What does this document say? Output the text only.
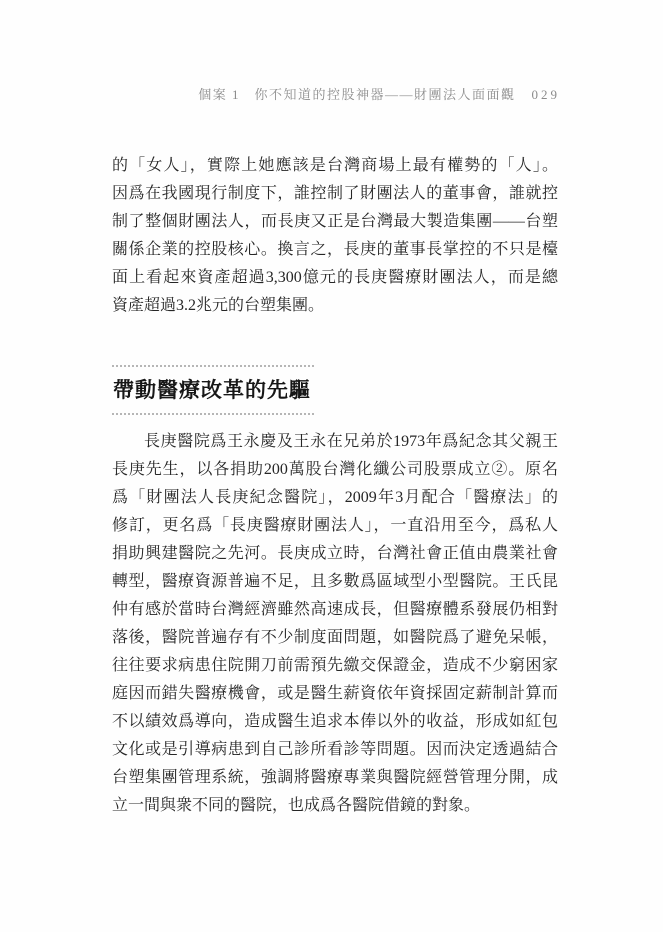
個案 1　你不知道的控股神器——財團法人面面觀 029
的「女人」，實際上她應該是台灣商場上最有權勢的「人」。
因爲在我國現行制度下，誰控制了財團法人的董事會，誰就控
制了整個財團法人，而長庚又正是台灣最大製造集團——台塑
關係企業的控股核心。換言之，長庚的董事長掌控的不只是檯
面上看起來資產超過3,300億元的長庚醫療財團法人，而是總
資產超過3.2兆元的台塑集團。
帶動醫療改革的先驅
長庚醫院爲王永慶及王永在兄弟於1973年爲紀念其父親王
長庚先生，以各捐助200萬股台灣化纖公司股票成立②。原名
爲「財團法人長庚紀念醫院」，2009年3月配合「醫療法」的
修訂，更名爲「長庚醫療財團法人」，一直沿用至今，爲私人
捐助興建醫院之先河。長庚成立時，台灣社會正值由農業社會
轉型，醫療資源普遍不足，且多數爲區域型小型醫院。王氏昆
仲有感於當時台灣經濟雖然高速成長，但醫療體系發展仍相對
落後，醫院普遍存有不少制度面問題，如醫院爲了避免呆帳，
往往要求病患住院開刀前需預先繳交保證金，造成不少窮困家
庭因而錯失醫療機會，或是醫生薪資依年資採固定薪制計算而
不以績效爲導向，造成醫生追求本俸以外的收益，形成如紅包
文化或是引導病患到自己診所看診等問題。因而決定透過結合
台塑集團管理系統，強調將醫療專業與醫院經營管理分開，成
立一間與衆不同的醫院，也成爲各醫院借鏡的對象。
